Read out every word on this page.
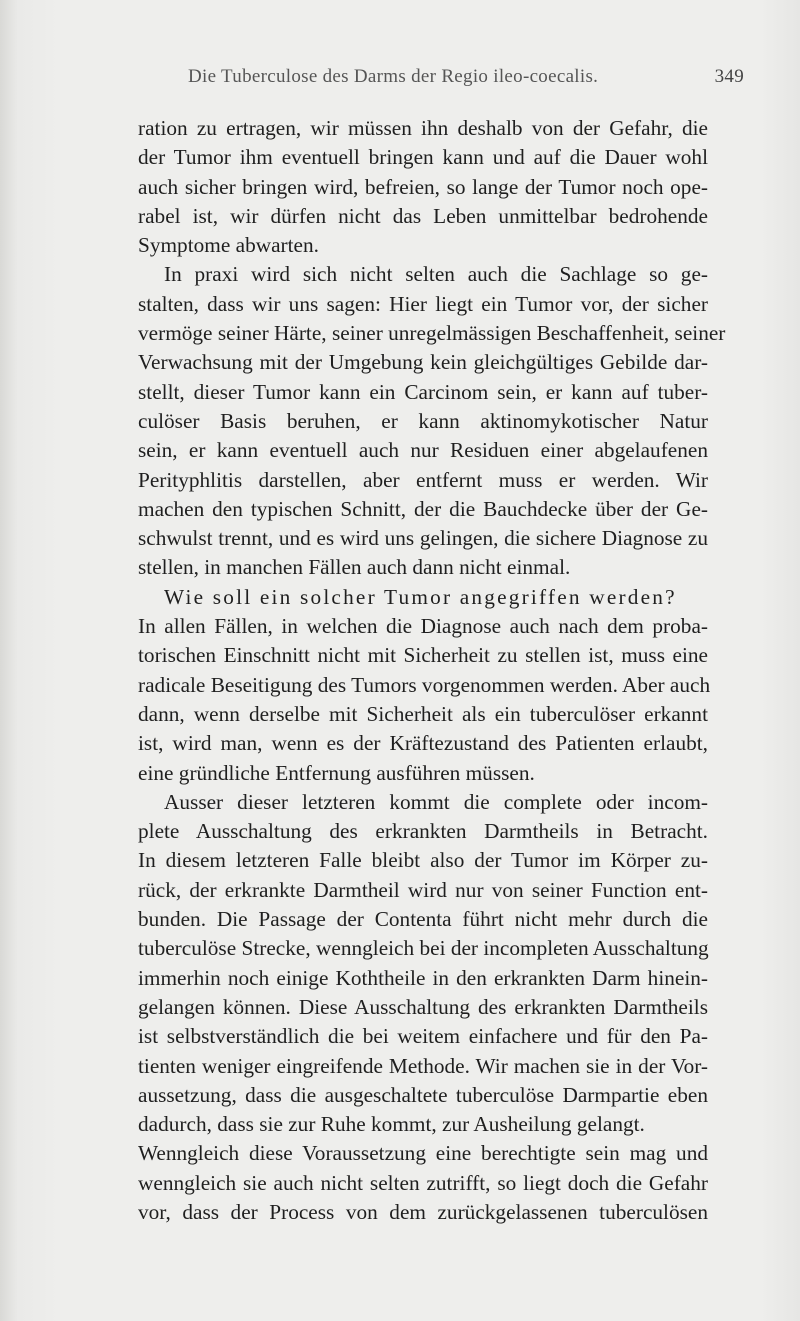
Die Tuberculose des Darms der Regio ileo-coecalis.	349
ration zu ertragen, wir müssen ihn deshalb von der Gefahr, die
der Tumor ihm eventuell bringen kann und auf die Dauer wohl
auch sicher bringen wird, befreien, so lange der Tumor noch ope-
rabel ist, wir dürfen nicht das Leben unmittelbar bedrohende
Symptome abwarten.
In praxi wird sich nicht selten auch die Sachlage so ge-
stalten, dass wir uns sagen: Hier liegt ein Tumor vor, der sicher
vermöge seiner Härte, seiner unregelmässigen Beschaffenheit, seiner
Verwachsung mit der Umgebung kein gleichgültiges Gebilde dar-
stellt, dieser Tumor kann ein Carcinom sein, er kann auf tuber-
culöser Basis beruhen, er kann aktinomykotischer Natur
sein, er kann eventuell auch nur Residuen einer abgelaufenen
Perityphlitis darstellen, aber entfernt muss er werden. Wir
machen den typischen Schnitt, der die Bauchdecke über der Ge-
schwulst trennt, und es wird uns gelingen, die sichere Diagnose zu
stellen, in manchen Fällen auch dann nicht einmal.
Wie soll ein solcher Tumor angegriffen werden?
In allen Fällen, in welchen die Diagnose auch nach dem proba-
torischen Einschnitt nicht mit Sicherheit zu stellen ist, muss eine
radicale Beseitigung des Tumors vorgenommen werden. Aber auch
dann, wenn derselbe mit Sicherheit als ein tuberculöser erkannt
ist, wird man, wenn es der Kräftezustand des Patienten erlaubt,
eine gründliche Entfernung ausführen müssen.
Ausser dieser letzteren kommt die complete oder incom-
plete Ausschaltung des erkrankten Darmtheils in Betracht.
In diesem letzteren Falle bleibt also der Tumor im Körper zu-
rück, der erkrankte Darmtheil wird nur von seiner Function ent-
bunden. Die Passage der Contenta führt nicht mehr durch die
tuberculöse Strecke, wenngleich bei der incompleten Ausschaltung
immerhin noch einige Koththeile in den erkrankten Darm hinein-
gelangen können. Diese Ausschaltung des erkrankten Darmtheils
ist selbstverständlich die bei weitem einfachere und für den Pa-
tienten weniger eingreifende Methode. Wir machen sie in der Vor-
aussetzung, dass die ausgeschaltete tuberculöse Darmpartie eben
dadurch, dass sie zur Ruhe kommt, zur Ausheilung gelangt.
Wenngleich diese Voraussetzung eine berechtigte sein mag und
wenngleich sie auch nicht selten zutrifft, so liegt doch die Gefahr
vor, dass der Process von dem zurückgelassenen tuberculösen
